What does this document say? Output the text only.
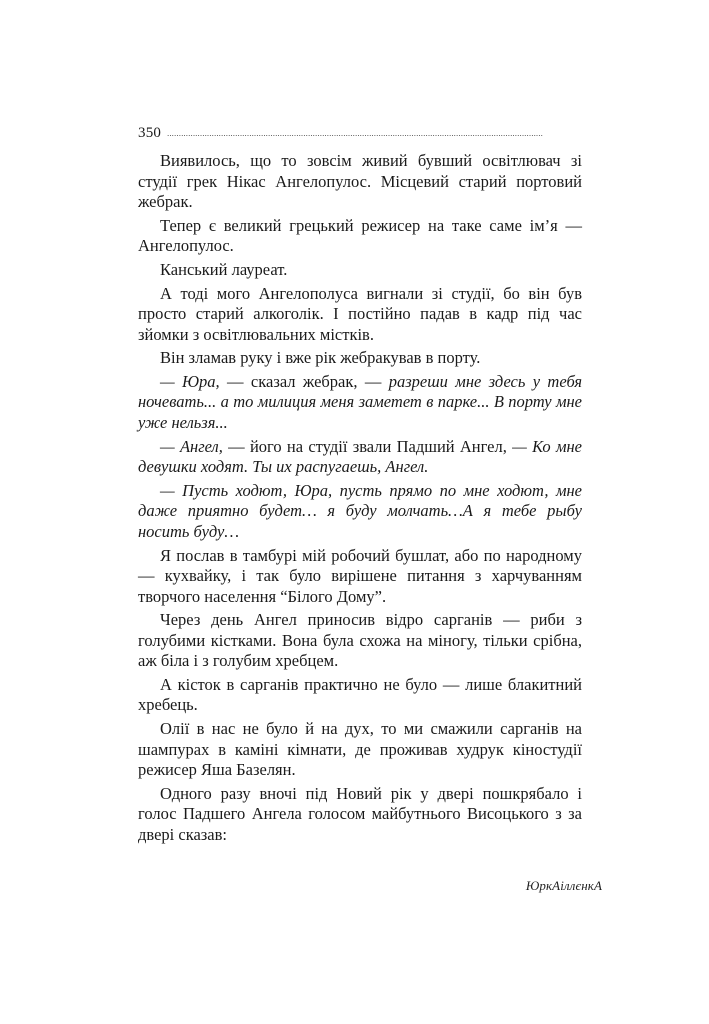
350 ................................................................................................................................................................

Виявилось, що то зовсім живий бувший освітлювач зі студії грек Нікас Ангелопулос. Місцевий старий портовий жебрак.

Тепер є великий грецький режисер на таке саме ім’я — Ангелопулос.

Канський лауреат.

А тоді мого Ангелополуса вигнали зі студії, бо він був просто старий алкоголік. І постійно падав в кадр під час зйомки з освітлювальних містків.

Він зламав руку і вже рік жебракував в порту.

— Юра, — сказал жебрак, — разреши мне здесь у тебя ночевать... а то милиция меня заметет в парке... В порту мне уже нельзя...

— Ангел, — його на студії звали Падший Ангел, — Ко мне девушки ходят. Ты их распугаешь, Ангел.

— Пусть ходют, Юра, пусть прямо по мне ходют, мне даже приятно будет… я буду молчать…А я тебе рыбу носить буду…

Я послав в тамбурі мій робочий бушлат, або по народному — кухвайку, і так було вирішене питання з харчуванням творчого населення “Білого Дому”.

Через день Ангел приносив відро сарганів — риби з голубими кістками. Вона була схожа на міногу, тільки срібна, аж біла і з голубим хребцем.

А кісток в сарганів практично не було — лише блакитний хребець.

Олії в нас не було й на дух, то ми смажили сарганів на шампурах в каміні кімнати, де проживав худрук кіностудії режисер Яша Базелян.

Одного разу вночі під Новий рік у двері пошкрябало і голос Падшего Ангела голосом майбутнього Висоцького з за двері сказав:

ЮркАіллєнкА
